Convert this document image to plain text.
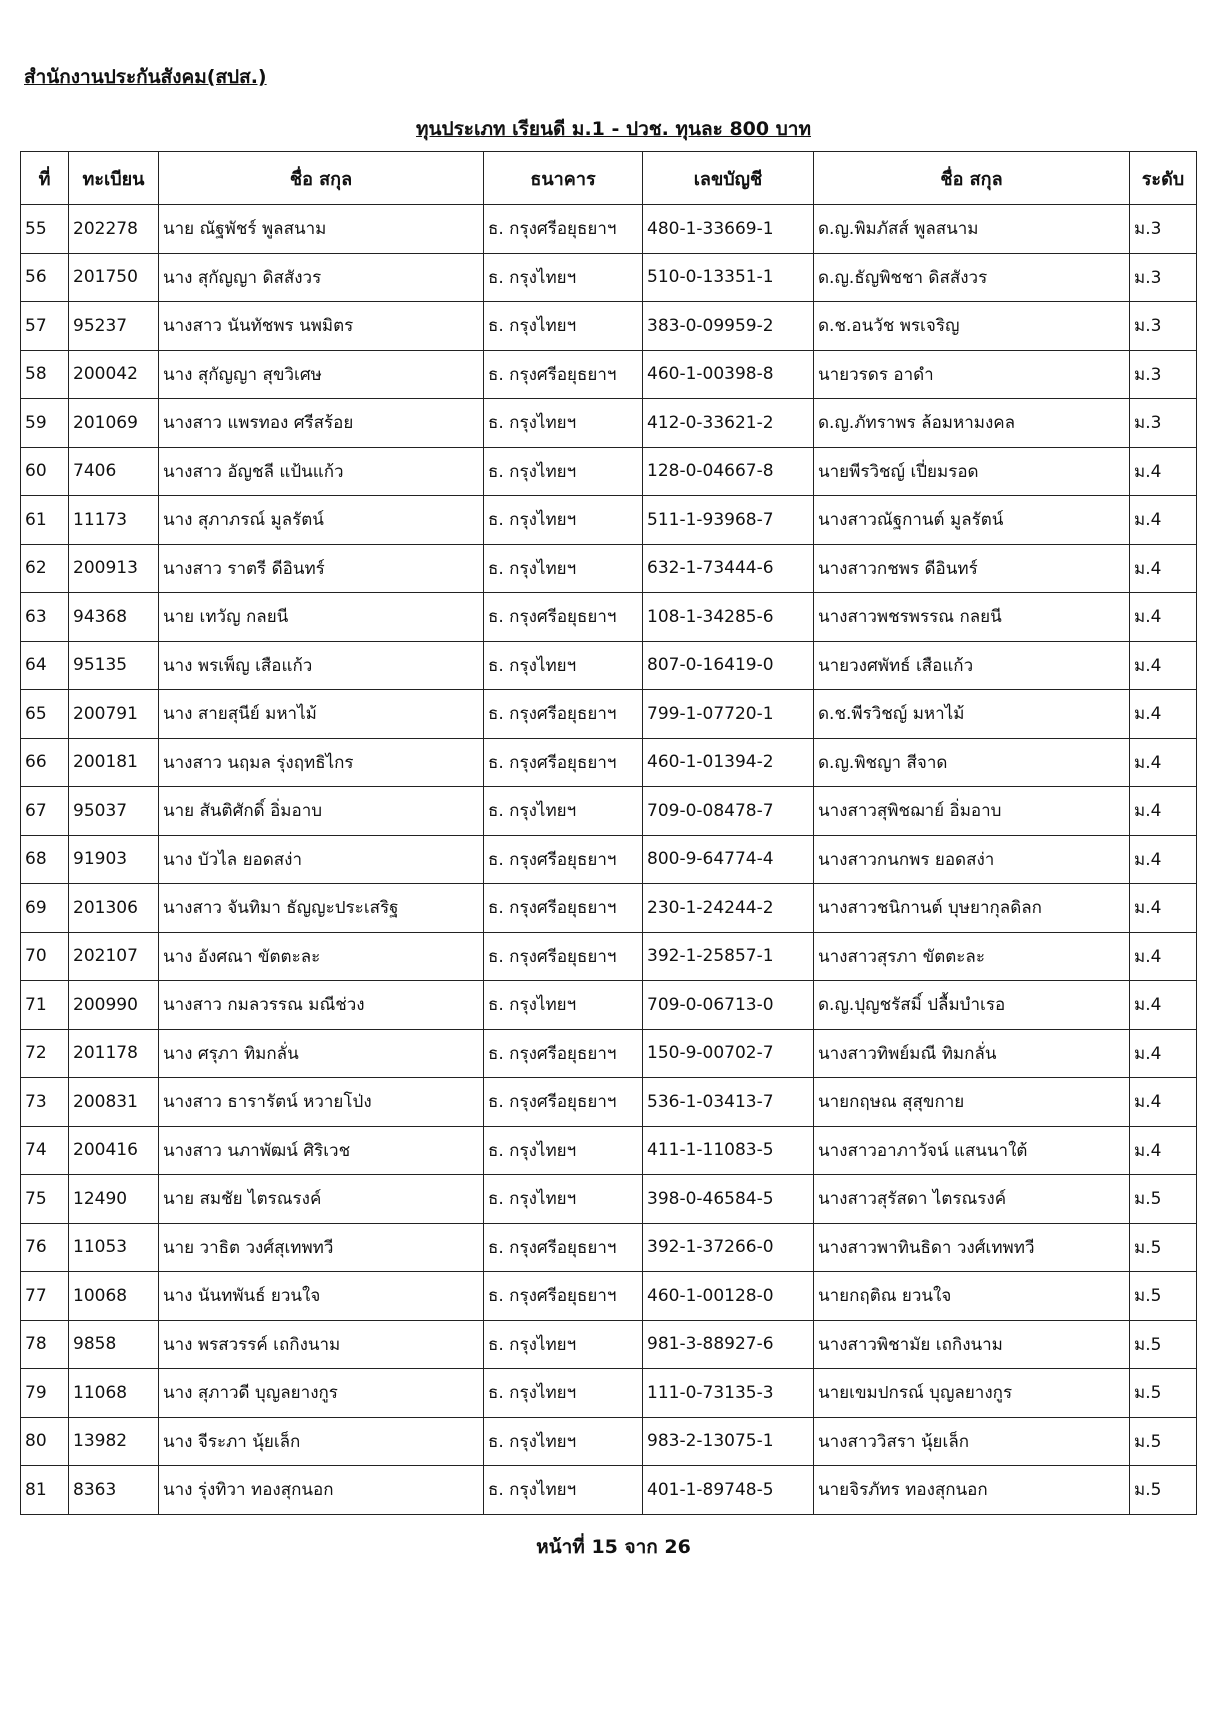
สำนักงานประกันสังคม(สปส.)
ทุนประเภท เรียนดี ม.1 - ปวช. ทุนละ 800 บาท
ที่	ทะเบียน	ชื่อ สกุล	ธนาคาร	เลขบัญชี	ชื่อ สกุล	ระดับ
55	202278	นาย ณัฐพัชร์ พูลสนาม	ธ. กรุงศรีอยุธยาฯ	480-1-33669-1	ด.ญ.พิมภัสส์ พูลสนาม	ม.3
56	201750	นาง สุกัญญา ดิสสังวร	ธ. กรุงไทยฯ	510-0-13351-1	ด.ญ.ธัญพิชชา ดิสสังวร	ม.3
57	95237	นางสาว นันทัชพร นพมิตร	ธ. กรุงไทยฯ	383-0-09959-2	ด.ช.อนวัช พรเจริญ	ม.3
58	200042	นาง สุกัญญา สุขวิเศษ	ธ. กรุงศรีอยุธยาฯ	460-1-00398-8	นายวรดร อาดำ	ม.3
59	201069	นางสาว แพรทอง ศรีสร้อย	ธ. กรุงไทยฯ	412-0-33621-2	ด.ญ.ภัทราพร ล้อมหามงคล	ม.3
60	7406	นางสาว อัญชลี แป้นแก้ว	ธ. กรุงไทยฯ	128-0-04667-8	นายพีรวิชญ์ เปี่ยมรอด	ม.4
61	11173	นาง สุภาภรณ์ มูลรัตน์	ธ. กรุงไทยฯ	511-1-93968-7	นางสาวณัฐกานต์ มูลรัตน์	ม.4
62	200913	นางสาว ราตรี ดีอินทร์	ธ. กรุงไทยฯ	632-1-73444-6	นางสาวกชพร ดีอินทร์	ม.4
63	94368	นาย เทวัญ กลยนี	ธ. กรุงศรีอยุธยาฯ	108-1-34285-6	นางสาวพชรพรรณ กลยนี	ม.4
64	95135	นาง พรเพ็ญ เสือแก้ว	ธ. กรุงไทยฯ	807-0-16419-0	นายวงศพัทธ์ เสือแก้ว	ม.4
65	200791	นาง สายสุนีย์ มหาไม้	ธ. กรุงศรีอยุธยาฯ	799-1-07720-1	ด.ช.พีรวิชญ์ มหาไม้	ม.4
66	200181	นางสาว นฤมล รุ่งฤทธิไกร	ธ. กรุงศรีอยุธยาฯ	460-1-01394-2	ด.ญ.พิชญา สีจาด	ม.4
67	95037	นาย สันติศักดิ์ อิ่มอาบ	ธ. กรุงไทยฯ	709-0-08478-7	นางสาวสุพิชฌาย์ อิ่มอาบ	ม.4
68	91903	นาง บัวไล ยอดสง่า	ธ. กรุงศรีอยุธยาฯ	800-9-64774-4	นางสาวกนกพร ยอดสง่า	ม.4
69	201306	นางสาว จันทิมา ธัญญะประเสริฐ	ธ. กรุงศรีอยุธยาฯ	230-1-24244-2	นางสาวชนิกานต์ บุษยากุลดิลก	ม.4
70	202107	นาง อังศณา ขัตตะละ	ธ. กรุงศรีอยุธยาฯ	392-1-25857-1	นางสาวสุรภา ขัตตะละ	ม.4
71	200990	นางสาว กมลวรรณ มณีช่วง	ธ. กรุงไทยฯ	709-0-06713-0	ด.ญ.ปุญชรัสมิ์ ปลื้มบำเรอ	ม.4
72	201178	นาง ศรุภา ทิมกลั่น	ธ. กรุงศรีอยุธยาฯ	150-9-00702-7	นางสาวทิพย์มณี ทิมกลั่น	ม.4
73	200831	นางสาว ธารารัตน์ หวายโป่ง	ธ. กรุงศรีอยุธยาฯ	536-1-03413-7	นายกฤษณ สุสุขกาย	ม.4
74	200416	นางสาว นภาพัฒน์ ศิริเวช	ธ. กรุงไทยฯ	411-1-11083-5	นางสาวอาภาวัจน์ แสนนาใต้	ม.4
75	12490	นาย สมชัย ไตรณรงค์	ธ. กรุงไทยฯ	398-0-46584-5	นางสาวสุรัสดา ไตรณรงค์	ม.5
76	11053	นาย วาธิต วงศ์สุเทพทวี	ธ. กรุงศรีอยุธยาฯ	392-1-37266-0	นางสาวพาทินธิดา วงศ์เทพทวี	ม.5
77	10068	นาง นันทพันธ์ ยวนใจ	ธ. กรุงศรีอยุธยาฯ	460-1-00128-0	นายกฤติณ ยวนใจ	ม.5
78	9858	นาง พรสวรรค์ เถกิงนาม	ธ. กรุงไทยฯ	981-3-88927-6	นางสาวพิชามัย เถกิงนาม	ม.5
79	11068	นาง สุภาวดี บุญลยางกูร	ธ. กรุงไทยฯ	111-0-73135-3	นายเขมปกรณ์ บุญลยางกูร	ม.5
80	13982	นาง จีระภา นุ้ยเล็ก	ธ. กรุงไทยฯ	983-2-13075-1	นางสาววิสรา นุ้ยเล็ก	ม.5
81	8363	นาง รุ่งทิวา ทองสุกนอก	ธ. กรุงไทยฯ	401-1-89748-5	นายจิรภัทร ทองสุกนอก	ม.5
หน้าที่ 15 จาก 26
